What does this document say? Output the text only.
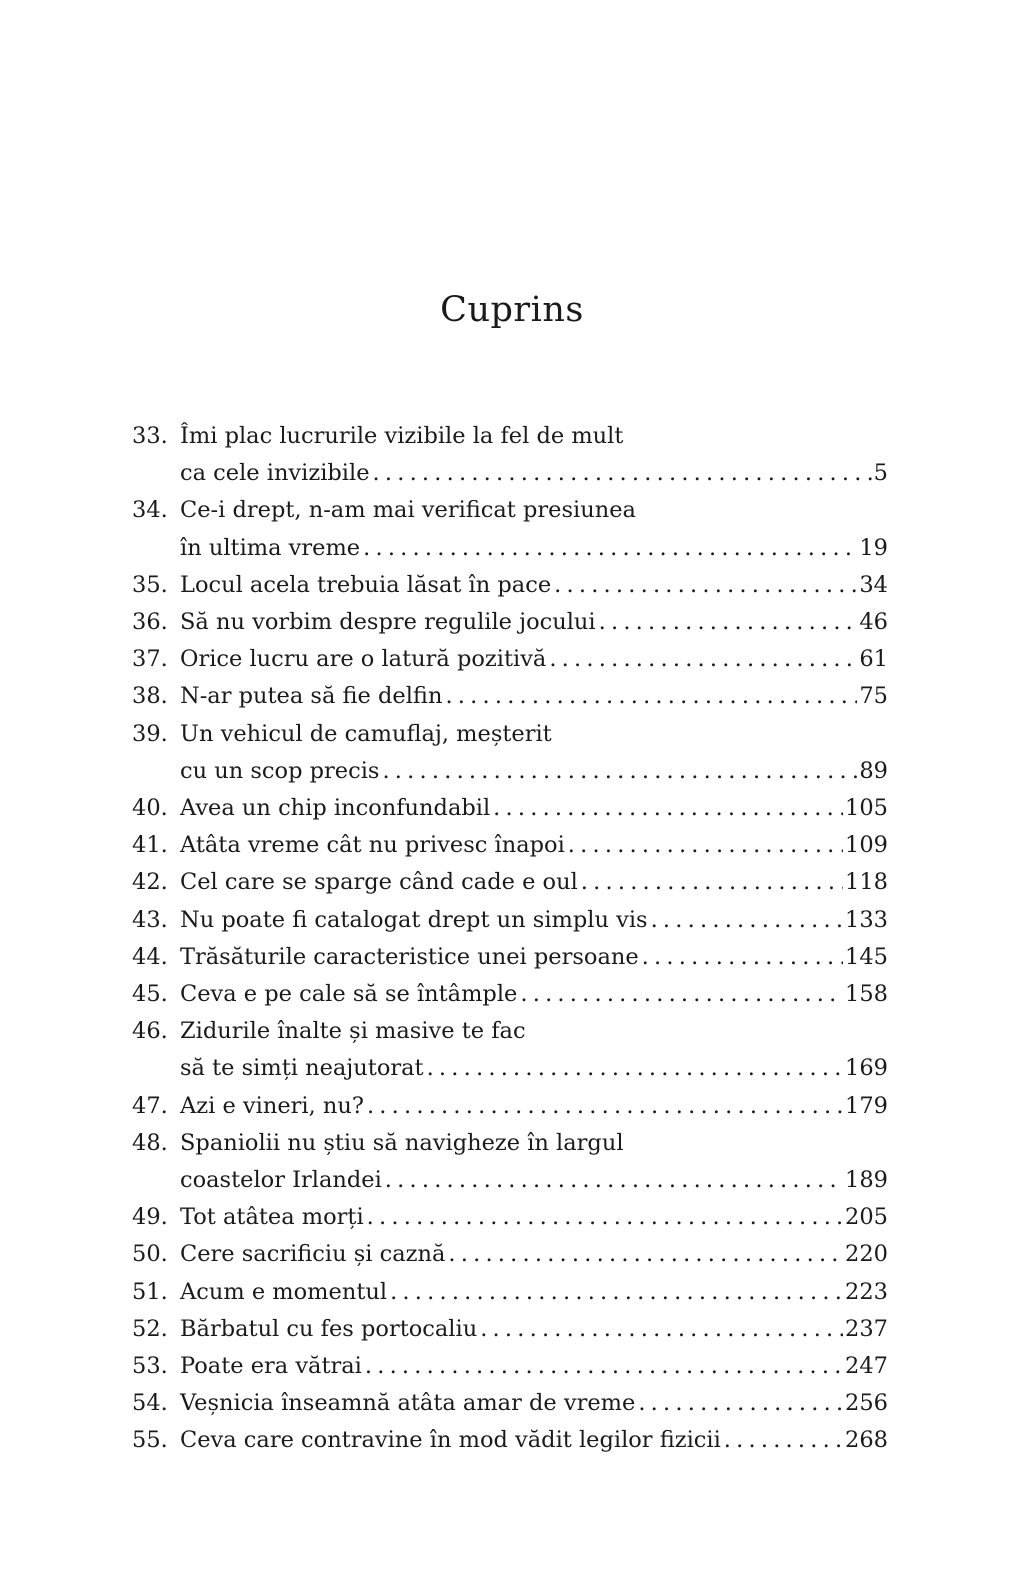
Cuprins
33. Îmi plac lucrurile vizibile la fel de mult
ca cele invizibile .....	5
34. Ce-i drept, n-am mai verificat presiunea
în ultima vreme .....	19
35. Locul acela trebuia lăsat în pace .....	34
36. Să nu vorbim despre regulile jocului .....	46
37. Orice lucru are o latură pozitivă .....	61
38. N-ar putea să fie delfin .....	75
39. Un vehicul de camuflaj, meșterit
cu un scop precis .....	89
40. Avea un chip inconfundabil .....	105
41. Atâta vreme cât nu privesc înapoi .....	109
42. Cel care se sparge când cade e oul .....	118
43. Nu poate fi catalogat drept un simplu vis .....	133
44. Trăsăturile caracteristice unei persoane .....	145
45. Ceva e pe cale să se întâmple .....	158
46. Zidurile înalte și masive te fac
să te simți neajutorat .....	169
47. Azi e vineri, nu? .....	179
48. Spaniolii nu știu să navigheze în largul
coastelor Irlandei .....	189
49. Tot atâtea morți .....	205
50. Cere sacrificiu și caznă .....	220
51. Acum e momentul .....	223
52. Bărbatul cu fes portocaliu .....	237
53. Poate era vătrai .....	247
54. Veșnicia înseamnă atâta amar de vreme .....	256
55. Ceva care contravine în mod vădit legilor fizicii .....	268
